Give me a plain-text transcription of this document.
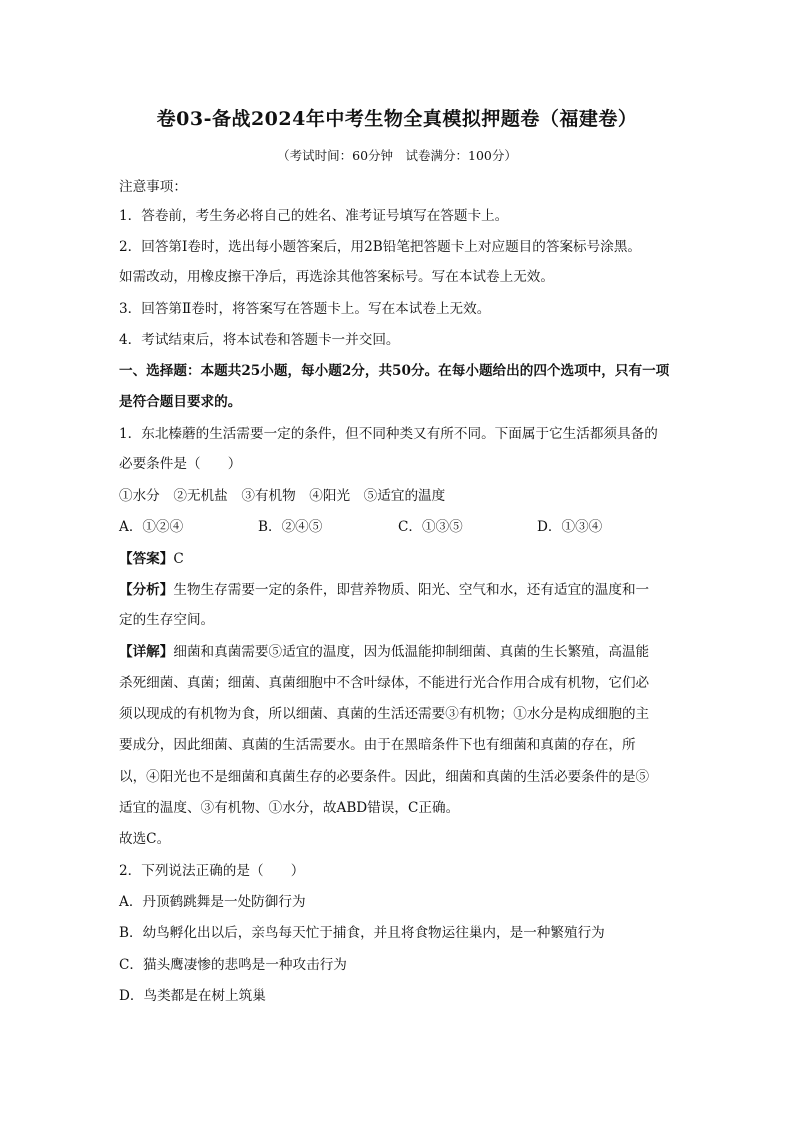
卷03-备战2024年中考生物全真模拟押题卷（福建卷）
（考试时间：60分钟　试卷满分：100分）
注意事项：
1．答卷前，考生务必将自己的姓名、准考证号填写在答题卡上。
2．回答第Ⅰ卷时，选出每小题答案后，用2B铅笔把答题卡上对应题目的答案标号涂黑。
如需改动，用橡皮擦干净后，再选涂其他答案标号。写在本试卷上无效。
3．回答第Ⅱ卷时，将答案写在答题卡上。写在本试卷上无效。
4．考试结束后，将本试卷和答题卡一并交回。
一、选择题：本题共25小题，每小题2分，共50分。在每小题给出的四个选项中，只有一项
是符合题目要求的。
1．东北榛蘑的生活需要一定的条件，但不同种类又有所不同。下面属于它生活都须具备的
必要条件是（　　）
①水分　②无机盐　③有机物　④阳光　⑤适宜的温度
A．①②④	B．②④⑤	C．①③⑤	D．①③④
【答案】C
【分析】生物生存需要一定的条件，即营养物质、阳光、空气和水，还有适宜的温度和一
定的生存空间。
【详解】细菌和真菌需要⑤适宜的温度，因为低温能抑制细菌、真菌的生长繁殖，高温能
杀死细菌、真菌；细菌、真菌细胞中不含叶绿体，不能进行光合作用合成有机物，它们必
须以现成的有机物为食，所以细菌、真菌的生活还需要③有机物；①水分是构成细胞的主
要成分，因此细菌、真菌的生活需要水。由于在黑暗条件下也有细菌和真菌的存在，所
以，④阳光也不是细菌和真菌生存的必要条件。因此，细菌和真菌的生活必要条件的是⑤
适宜的温度、③有机物、①水分，故ABD错误，C正确。
故选C。
2．下列说法正确的是（　　）
A．丹顶鹤跳舞是一处防御行为
B．幼鸟孵化出以后，亲鸟每天忙于捕食，并且将食物运往巢内，是一种繁殖行为
C．猫头鹰凄惨的悲鸣是一种攻击行为
D．鸟类都是在树上筑巢
